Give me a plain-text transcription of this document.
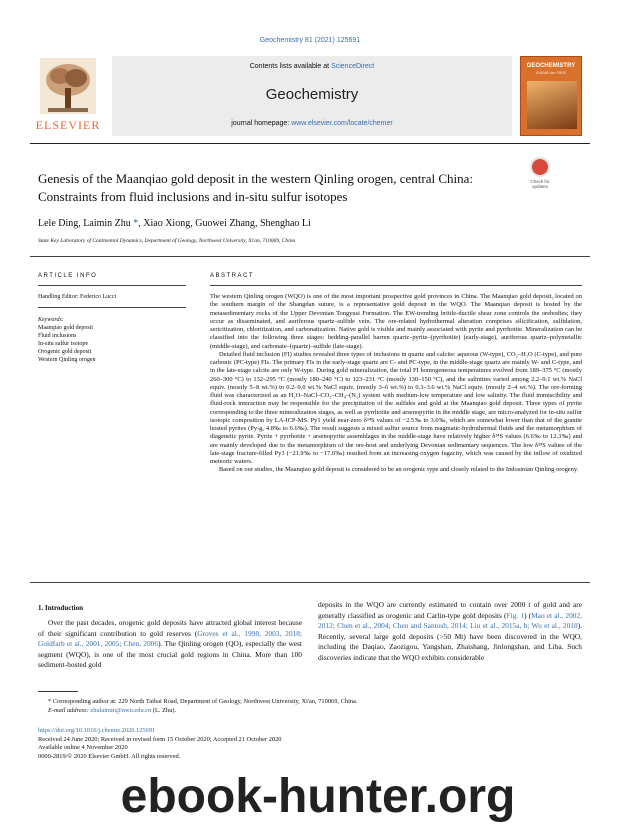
Geochemistry 81 (2021) 125691
ELSEVIER
Contents lists available at ScienceDirect
Geochemistry
journal homepage: www.elsevier.com/locate/chemer
GEOCHEMISTRY
CHEMIE der ERDE
Genesis of the Maanqiao gold deposit in the western Qinling orogen, central China: Constraints from fluid inclusions and in-situ sulfur isotopes
Check for
updates
Lele Ding, Laimin Zhu *, Xiao Xiong, Guowei Zhang, Shenghao Li
State Key Laboratory of Continental Dynamics, Department of Geology, Northwest University, Xi'an, 710069, China
ARTICLE INFO	ABSTRACT
Handling Editor: Federico Lucci
Keywords:
Maanqiao gold deposit
Fluid inclusions
In-situ sulfur isotope
Orogenic gold deposit
Western Qinling orogen

The western Qinling orogen (WQO) is one of the most important prospective gold provinces in China. The Maanqiao gold deposit, located on the southern margin of the Shangdan suture, is a representative gold deposit in the WQO. The Maanqiao deposit is hosted by the metasedimentary rocks of the Upper Devonian Tongyusi Formation. The EW-trending brittle-ductile shear zone controls the orebodies; they occur as disseminated, and auriferous quartz–sulfide vein. The ore-related hydrothermal alteration comprises silicification, sulfidation, sericitization, chloritization, and carbonatization. Native gold is visible and mainly associated with pyrite and pyrrhotite. Mineralization can be classified into the following three stages: bedding-parallel barren quartz–pyrite–(pyrrhotite) (early-stage), auriferous quartz–polymetallic (middle-stage), and carbonate–(quartz)–sulfide (late-stage).

Detailed fluid inclusion (FI) studies revealed three types of inclusions in quartz and calcite: aqueous (W-type), CO₂–H₂O (C-type), and pure carbonic (PC-type) FIs. The primary FIs in the early-stage quartz are C- and PC-type, in the middle-stage quartz are mainly W- and C-type, and in the late-stage calcite are only W-type. During gold mineralization, the total FI homogeneous temperatures evolved from 189–375 °C (mostly 260–300 °C) to 132–295 °C (mostly 180–240 °C) to 123–231 °C (mostly 130–150 °C), and the salinities varied among 2.2–9.1 wt.% NaCl equiv. (mostly 5–8 wt.%) to 0.2–9.0 wt.% NaCl equiv. (mostly 3–6 wt.%) to 0.3–3.6 wt.% NaCl equiv. (mostly 2–4 wt.%). The ore-forming fluid was characterized as an H₂O–NaCl–CO₂–CH₄–(N₂) system with medium-low temperature and low salinity. The fluid immiscibility and fluid-rock interaction may be responsible for the precipitation of the sulfides and gold at the Maanqiao gold deposit. Three types of pyrite corresponding to the three mineralization stages, as well as pyrrhotite and arsenopyrite in the middle stage, are micro-analyzed for in-situ sulfur isotopic composition by LA-ICP-MS. Py1 yield near-zero δ³⁴S values of −2.5‰ to 3.0‰, which are somewhat lower than that of the granite hosted pyrites (Py-g, 4.8‰ to 6.6‰). The result suggests a mixed sulfur source from magmatic-hydrothermal fluids and the metamorphism of diagenetic pyrite. Pyrite + pyrrhotite + arsenopyrite assemblages in the middle-stage have relatively higher δ³⁴S values (6.6‰ to 12.3‰) and are mainly developed due to the metamorphism of the ore-host and underlying Devonian sedimentary sequences. The low δ³⁴S values of the late-stage fracture-filled Py3 (−21.9‰ to −17.0‰) resulted from an increasing oxygen fugacity, which was caused by the inflow of oxidized meteoric waters.

Based on our studies, the Maanqiao gold deposit is considered to be an orogenic type and closely related to the Indosinian Qinling orogeny.

1. Introduction
Over the past decades, orogenic gold deposits have attracted global interest because of their significant contribution to gold reserves (Groves et al., 1998, 2003, 2018; Goldfarb et al., 2001, 2005; Chen, 2006). The Qinling orogen (QO), especially the west segment (WQO), is one of the most crucial gold regions in China. More than 100 sediment-hosted gold
deposits in the WQO are currently estimated to contain over 2000 t of gold and are generally classified as orogenic and Carlin-type gold deposits (Fig. 1) (Mao et al., 2002, 2012; Chen et al., 2004; Chen and Santosh, 2014; Liu et al., 2015a, b; Wu et al., 2018). Recently, several large gold deposits (>50 Mt) have been discovered in the WQO, including the Daqiao, Zaozigou, Yangshan, Zhaishang, Jinlongshan, and Liba. Such discoveries indicate that the WQO exhibits considerable
* Corresponding author at: 229 North Taibai Road, Department of Geology, Northwest University, Xi'an, 710069, China.
E-mail address: zhulaimin@nwu.edu.cn (L. Zhu).
https://doi.org/10.1016/j.chemer.2020.125691
Received 24 June 2020; Received in revised form 15 October 2020; Accepted 21 October 2020
Available online 4 November 2020
0009-2819/© 2020 Elsevier GmbH. All rights reserved.
ebook-hunter.org
